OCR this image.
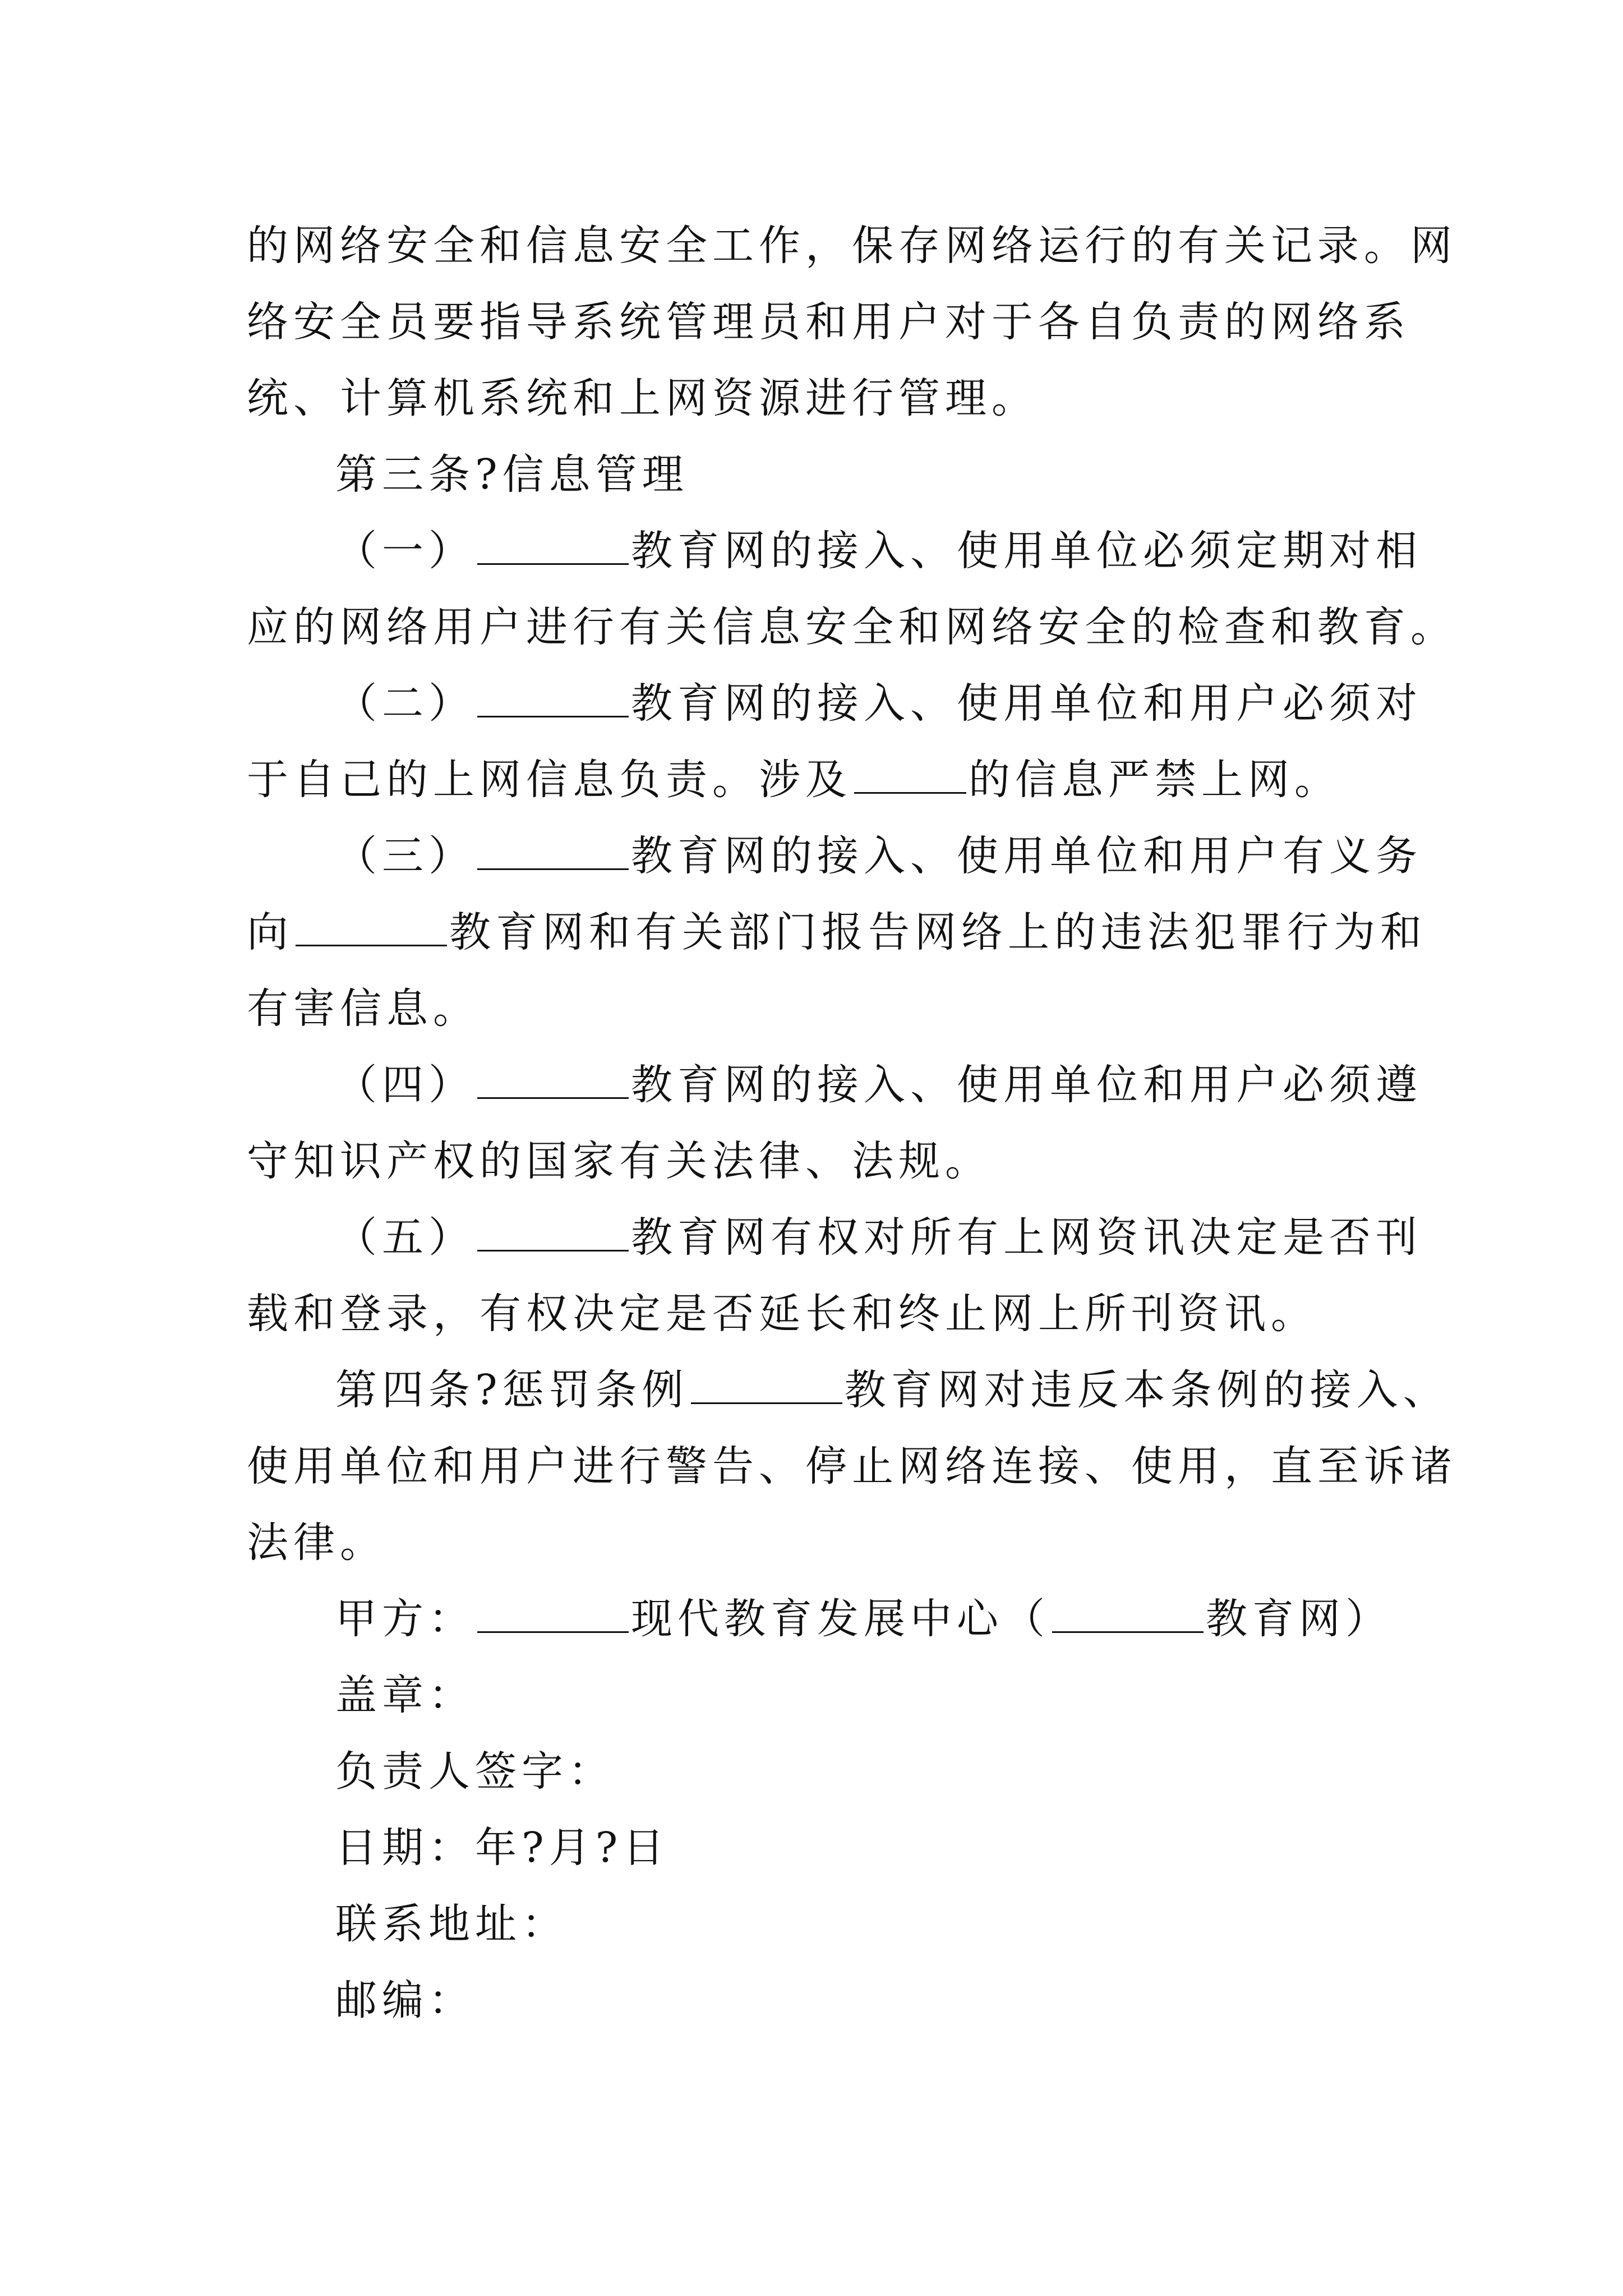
的网络安全和信息安全工作，保存网络运行的有关记录。网
络安全员要指导系统管理员和用户对于各自负责的网络系
统、计算机系统和上网资源进行管理。
第三条?信息管理
（一）	教育网的接入、使用单位必须定期对相
应的网络用户进行有关信息安全和网络安全的检查和教育。
（二）	教育网的接入、使用单位和用户必须对
于自己的上网信息负责。涉及	的信息严禁上网。
（三）	教育网的接入、使用单位和用户有义务
向	教育网和有关部门报告网络上的违法犯罪行为和
有害信息。
（四）	教育网的接入、使用单位和用户必须遵
守知识产权的国家有关法律、法规。
（五）	教育网有权对所有上网资讯决定是否刊
载和登录，有权决定是否延长和终止网上所刊资讯。
第四条?惩罚条例	教育网对违反本条例的接入、
使用单位和用户进行警告、停止网络连接、使用，直至诉诸
法律。
甲方：	现代教育发展中心（	教育网）
盖章：
负责人签字：
日期：年?月?日
联系地址：
邮编：
